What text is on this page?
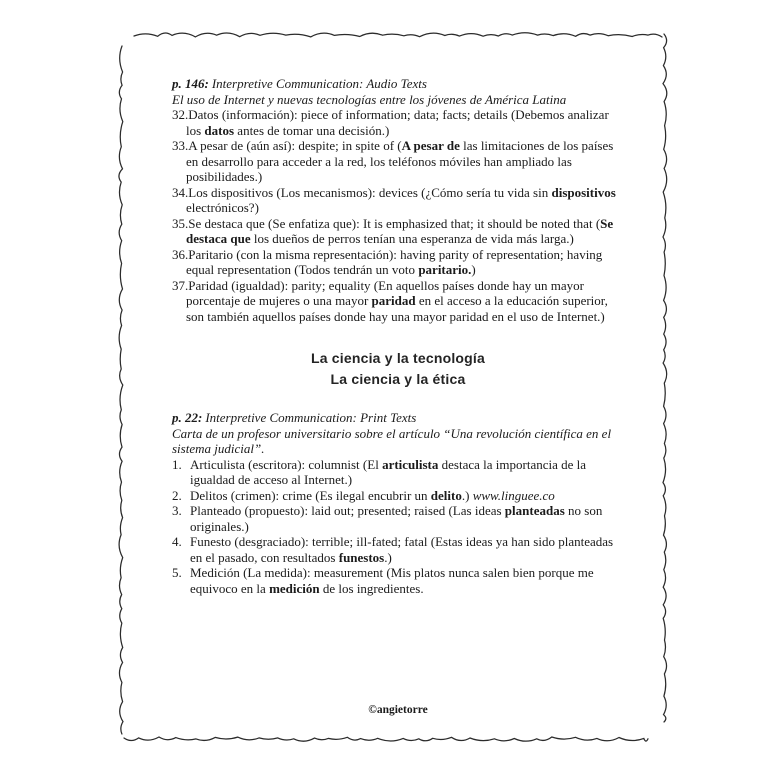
p. 146: Interpretive Communication: Audio Texts
El uso de Internet y nuevas tecnologías entre los jóvenes de América Latina
32.Datos (información): piece of information; data; facts; details (Debemos analizar los datos antes de tomar una decisión.)
33.A pesar de (aún así): despite; in spite of (A pesar de las limitaciones de los países en desarrollo para acceder a la red, los teléfonos móviles han ampliado las posibilidades.)
34.Los dispositivos (Los mecanismos): devices (¿Cómo sería tu vida sin dispositivos electrónicos?)
35.Se destaca que (Se enfatiza que): It is emphasized that; it should be noted that (Se destaca que los dueños de perros tenían una esperanza de vida más larga.)
36.Paritario (con la misma representación): having parity of representation; having equal representation (Todos tendrán un voto paritario.)
37.Paridad (igualdad): parity; equality (En aquellos países donde hay un mayor porcentaje de mujeres o una mayor paridad en el acceso a la educación superior, son también aquellos países donde hay una mayor paridad en el uso de Internet.)
La ciencia y la tecnología
La ciencia y la ética
p. 22: Interpretive Communication: Print Texts
Carta de un profesor universitario sobre el artículo “Una revolución científica en el sistema judicial”.
1. Articulista (escritora): columnist (El articulista destaca la importancia de la igualdad de acceso al Internet.)
2. Delitos (crimen): crime (Es ilegal encubrir un delito.) www.linguee.co
3. Planteado (propuesto): laid out; presented; raised (Las ideas planteadas no son originales.)
4. Funesto (desgraciado): terrible; ill-fated; fatal (Estas ideas ya han sido planteadas en el pasado, con resultados funestos.)
5. Medición (La medida): measurement (Mis platos nunca salen bien porque me equivoco en la medición de los ingredientes.
©angietorre
